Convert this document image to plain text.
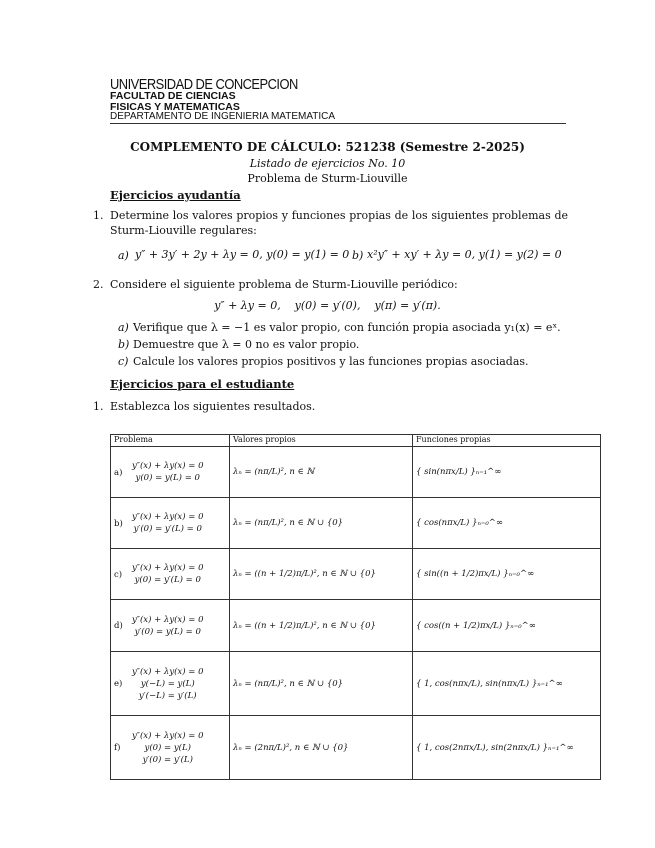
UNIVERSIDAD DE CONCEPCION
FACULTAD DE CIENCIAS
FISICAS Y MATEMATICAS
DEPARTAMENTO DE INGENIERIA MATEMATICA
COMPLEMENTO DE CÁLCULO: 521238 (Semestre 2-2025)
Listado de ejercicios No. 10
Problema de Sturm-Liouville
Ejercicios ayudantía
1. Determine los valores propios y funciones propias de los siguientes problemas de Sturm-Liouville regulares:
a) y″ + 3y′ + 2y + λy = 0, y(0) = y(1) = 0 b) x²y″ + xy′ + λy = 0, y(1) = y(2) = 0
2. Considere el siguiente problema de Sturm-Liouville periódico:
y″ + λy = 0,    y(0) = y′(0),    y(π) = y′(π).
a) Verifique que λ = −1 es valor propio, con función propia asociada y₁(x) = eˣ.
b) Demuestre que λ = 0 no es valor propio.
c) Calcule los valores propios positivos y las funciones propias asociadas.
Ejercicios para el estudiante
1. Establezca los siguientes resultados.
Problema	Valores propios	Funciones propias
a)
y″(x) + λy(x) = 0
y(0) = y(L) = 0	λₙ = (nπ/L)², n ∈ ℕ	{ sin(nπx/L) }ₙ₌₁^∞
b)
y″(x) + λy(x) = 0
y′(0) = y′(L) = 0	λₙ = (nπ/L)², n ∈ ℕ ∪ {0}	{ cos(nπx/L) }ₙ₌₀^∞
c)
y″(x) + λy(x) = 0
y(0) = y′(L) = 0	λₙ = ((n + 1/2)π/L)², n ∈ ℕ ∪ {0}	{ sin((n + 1/2)πx/L) }ₙ₌₀^∞
d)
y″(x) + λy(x) = 0
y′(0) = y(L) = 0	λₙ = ((n + 1/2)π/L)², n ∈ ℕ ∪ {0}	{ cos((n + 1/2)πx/L) }ₙ₌₀^∞
e)
y″(x) + λy(x) = 0
y(−L) = y(L)
y′(−L) = y′(L)	λₙ = (nπ/L)², n ∈ ℕ ∪ {0}	{ 1, cos(nπx/L), sin(nπx/L) }ₙ₌₁^∞
f)
y″(x) + λy(x) = 0
y(0) = y(L)
y′(0) = y′(L)	λₙ = (2nπ/L)², n ∈ ℕ ∪ {0}	{ 1, cos(2nπx/L), sin(2nπx/L) }ₙ₌₁^∞
